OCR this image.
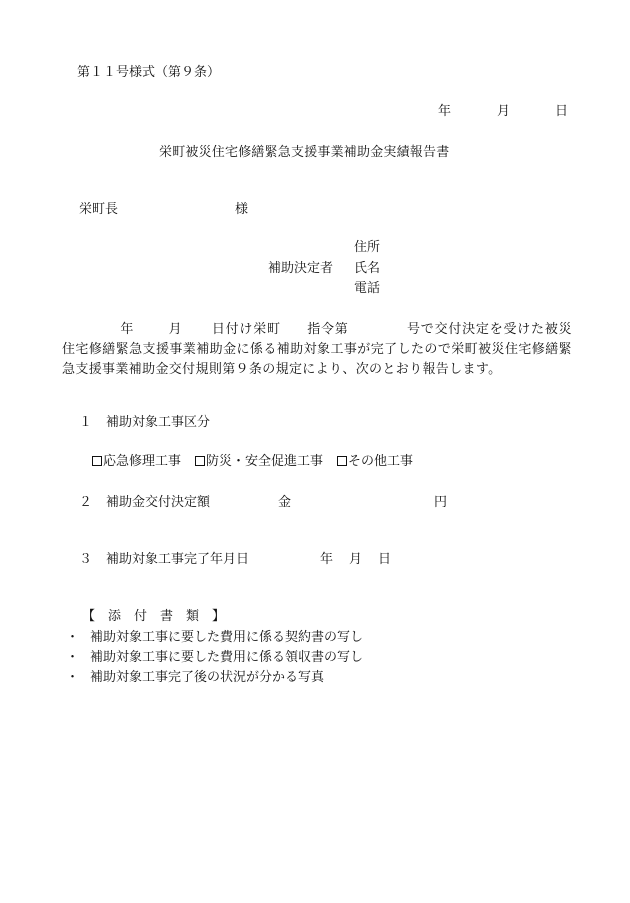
第１１号様式（第９条）
年	月	日
栄町被災住宅修繕緊急支援事業補助金実績報告書
栄町長	様
住所
補助決定者 氏名
電話
年	月 日付け栄町 指令第	号で交付決定を受けた被災住宅修繕緊急支援事業補助金に係る補助対象工事が完了したので栄町被災住宅修繕緊急支援事業補助金交付規則第９条の規定により、次のとおり報告します。
１ 補助対象工事区分
応急修理工事 防災・安全促進工事 その他工事
２ 補助金交付決定額	金	円
３ 補助対象工事完了年月日	年 月 日
【　添　付　書　類　】
・ 補助対象工事に要した費用に係る契約書の写し
・ 補助対象工事に要した費用に係る領収書の写し
・ 補助対象工事完了後の状況が分かる写真
